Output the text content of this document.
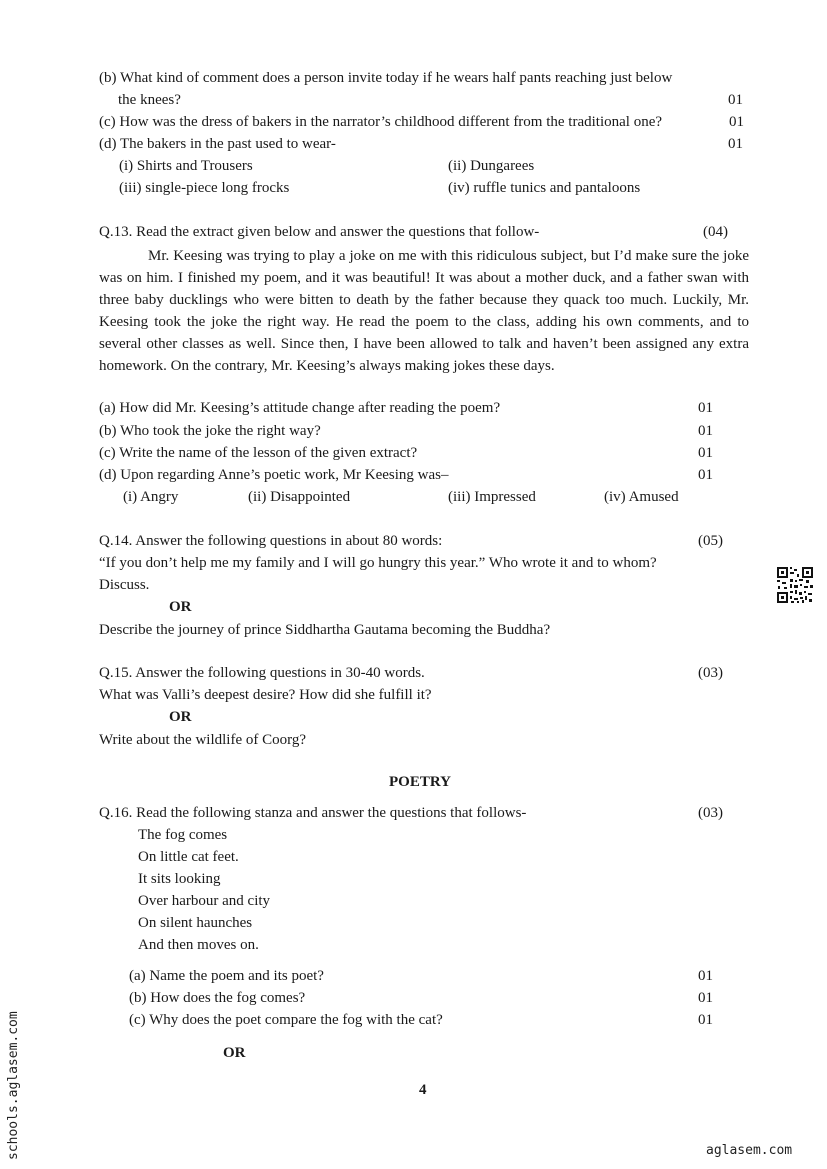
(b) What kind of comment does a person invite today if he wears half pants reaching just below
the knees?	01
(c) How was the dress of bakers in the narrator’s childhood different from the traditional one?	01
(d) The bakers in the past used to wear-	01
(i) Shirts and Trousers	(ii) Dungarees
(iii) single-piece long frocks	(iv) ruffle tunics and pantaloons
Q.13. Read the extract given below and answer the questions that follow-	(04)

Mr. Keesing was trying to play a joke on me with this ridiculous subject, but I’d make sure the joke was on him. I finished my poem, and it was beautiful! It was about a mother duck, and a father swan with three baby ducklings who were bitten to death by the father because they quack too much. Luckily, Mr. Keesing took the joke the right way. He read the poem to the class, adding his own comments, and to several other classes as well. Since then, I have been allowed to talk and haven’t been assigned any extra homework. On the contrary, Mr. Keesing’s always making jokes these days.

(a) How did Mr. Keesing’s attitude change after reading the poem?	01
(b) Who took the joke the right way?	01
(c) Write the name of the lesson of the given extract?	01
(d) Upon regarding Anne’s poetic work, Mr Keesing was–	01
(i) Angry	(ii) Disappointed	(iii) Impressed	(iv) Amused
Q.14. Answer the following questions in about 80 words:	(05)
“If you don’t help me my family and I will go hungry this year.” Who wrote it and to whom?
Discuss.
OR
Describe the journey of prince Siddhartha Gautama becoming the Buddha?
Q.15. Answer the following questions in 30-40 words.	(03)
What was Valli’s deepest desire? How did she fulfill it?
OR
Write about the wildlife of Coorg?
POETRY
Q.16. Read the following stanza and answer the questions that follows-	(03)
The fog comes
On little cat feet.
It sits looking
Over harbour and city
On silent haunches
And then moves on.
(a) Name the poem and its poet?	01
(b) How does the fog comes?	01
(c) Why does the poet compare the fog with the cat?	01
OR
4
schools.aglasem.com	aglasem.com
